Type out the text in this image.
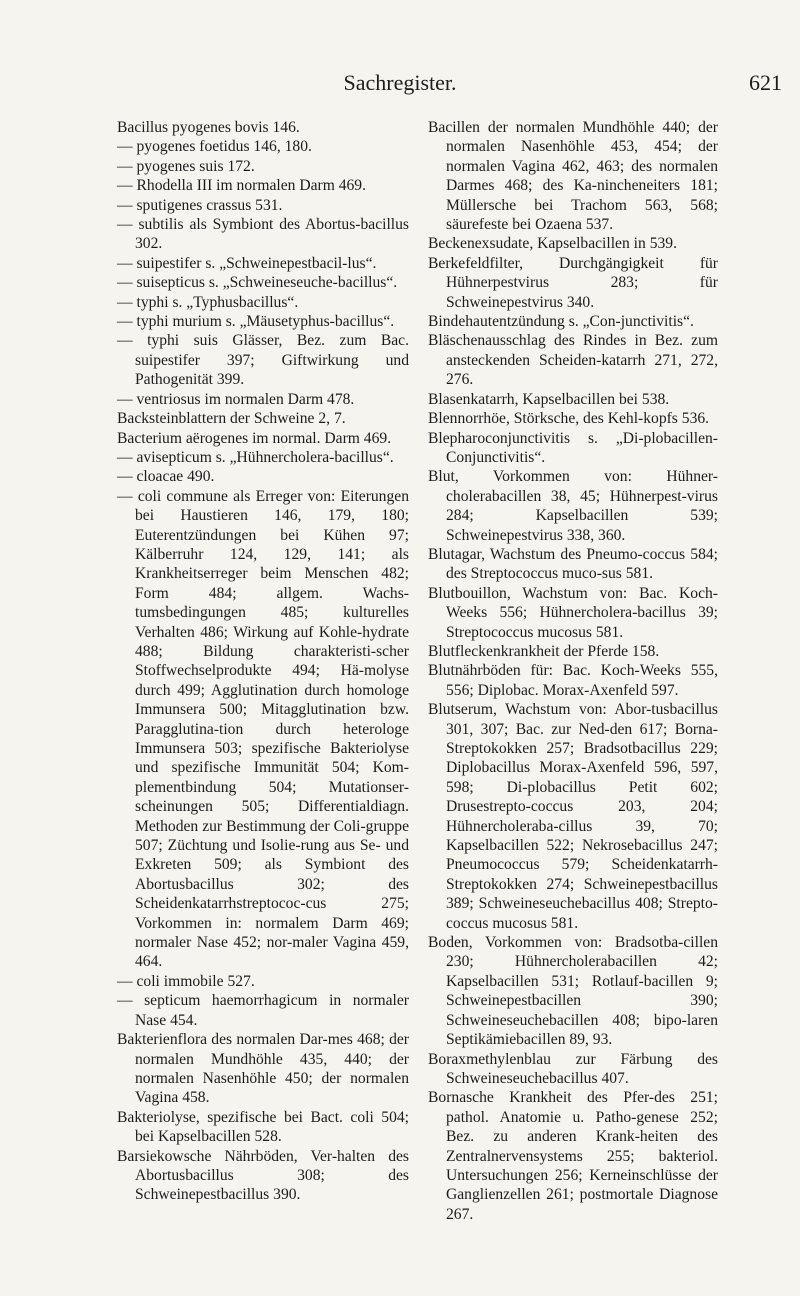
Sachregister.	621

Bacillus pyogenes bovis 146.

— pyogenes foetidus 146, 180.

— pyogenes suis 172.

— Rhodella III im normalen Darm 469.

— sputigenes crassus 531.

— subtilis als Symbiont des Abortus-bacillus 302.

— suipestifer s. „Schweinepestbacil-lus“.

— suisepticus s. „Schweineseuche-bacillus“.

— typhi s. „Typhusbacillus“.

— typhi murium s. „Mäusetyphus-bacillus“.

— typhi suis Glässer, Bez. zum Bac. suipestifer 397; Giftwirkung und Pathogenität 399.

— ventriosus im normalen Darm 478.

Backsteinblattern der Schweine 2, 7.

Bacterium aërogenes im normal. Darm 469.

— avisepticum s. „Hühnercholera-bacillus“.

— cloacae 490.

— coli commune als Erreger von: Eiterungen bei Haustieren 146, 179, 180; Euterentzündungen bei Kühen 97; Kälberruhr 124, 129, 141; als Krankheitserreger beim Menschen 482; Form 484; allgem. Wachs-tumsbedingungen 485; kulturelles Verhalten 486; Wirkung auf Kohle-hydrate 488; Bildung charakteristi-scher Stoffwechselprodukte 494; Hä-molyse durch 499; Agglutination durch homologe Immunsera 500; Mitagglutination bzw. Paragglutina-tion durch heterologe Immunsera 503; spezifische Bakteriolyse und spezifische Immunität 504; Kom-plementbindung 504; Mutationser-scheinungen 505; Differentialdiagn. Methoden zur Bestimmung der Coli-gruppe 507; Züchtung und Isolie-rung aus Se- und Exkreten 509; als Symbiont des Abortusbacillus 302; des Scheidenkatarrhstreptococ-cus 275; Vorkommen in: normalem Darm 469; normaler Nase 452; nor-maler Vagina 459, 464.

— coli immobile 527.

— septicum haemorrhagicum in normaler Nase 454.

Bakterienflora des normalen Dar-mes 468; der normalen Mundhöhle 435, 440; der normalen Nasenhöhle 450; der normalen Vagina 458.

Bakteriolyse, spezifische bei Bact. coli 504; bei Kapselbacillen 528.

Barsiekowsche Nährböden, Ver-halten des Abortusbacillus 308; des Schweinepestbacillus 390.

Bacillen der normalen Mundhöhle 440; der normalen Nasenhöhle 453, 454; der normalen Vagina 462, 463; des normalen Darmes 468; des Ka-nincheneiters 181; Müllersche bei Trachom 563, 568; säurefeste bei Ozaena 537.

Beckenexsudate, Kapselbacillen in 539.

Berkefeldfilter, Durchgängigkeit für Hühnerpestvirus 283; für Schweinepestvirus 340.

Bindehautentzündung s. „Con-junctivitis“.

Bläschenausschlag des Rindes in Bez. zum ansteckenden Scheiden-katarrh 271, 272, 276.

Blasenkatarrh, Kapselbacillen bei 538.

Blennorrhöe, Störksche, des Kehl-kopfs 536.

Blepharoconjunctivitis s. „Di-plobacillen-Conjunctivitis“.

Blut, Vorkommen von: Hühner-cholerabacillen 38, 45; Hühnerpest-virus 284; Kapselbacillen 539; Schweinepestvirus 338, 360.

Blutagar, Wachstum des Pneumo-coccus 584; des Streptococcus muco-sus 581.

Blutbouillon, Wachstum von: Bac. Koch-Weeks 556; Hühnercholera-bacillus 39; Streptococcus mucosus 581.

Blutfleckenkrankheit der Pferde 158.

Blutnährböden für: Bac. Koch-Weeks 555, 556; Diplobac. Morax-Axenfeld 597.

Blutserum, Wachstum von: Abor-tusbacillus 301, 307; Bac. zur Ned-den 617; Borna-Streptokokken 257; Bradsotbacillus 229; Diplobacillus Morax-Axenfeld 596, 597, 598; Di-plobacillus Petit 602; Drusestrepto-coccus 203, 204; Hühnercholeraba-cillus 39, 70; Kapselbacillen 522; Nekrosebacillus 247; Pneumococcus 579; Scheidenkatarrh-Streptokokken 274; Schweinepestbacillus 389; Schweineseuchebacillus 408; Strepto-coccus mucosus 581.

Boden, Vorkommen von: Bradsotba-cillen 230; Hühnercholerabacillen 42; Kapselbacillen 531; Rotlauf-bacillen 9; Schweinepestbacillen 390; Schweineseuchebacillen 408; bipo-laren Septikämiebacillen 89, 93.

Boraxmethylenblau zur Färbung des Schweineseuchebacillus 407.

Bornasche Krankheit des Pfer-des 251; pathol. Anatomie u. Patho-genese 252; Bez. zu anderen Krank-heiten des Zentralnervensystems 255; bakteriol. Untersuchungen 256; Kerneinschlüsse der Ganglienzellen 261; postmortale Diagnose 267.
